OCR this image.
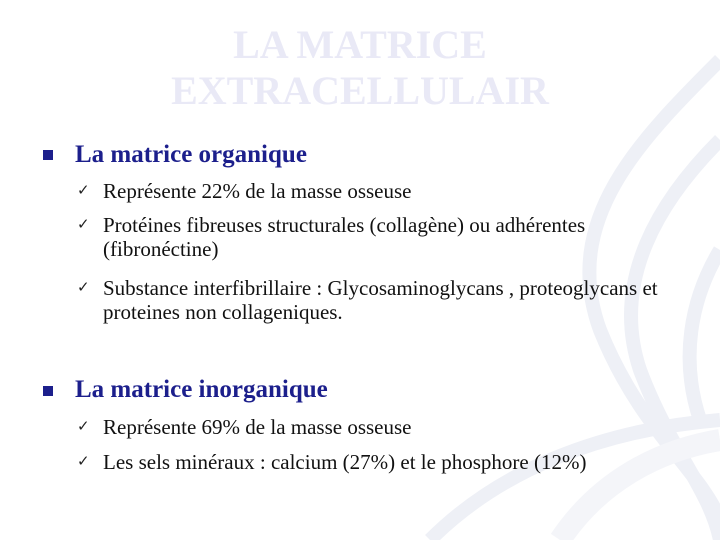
LA MATRICE
EXTRACELLULAIR
La matrice organique
✓ Représente 22% de la masse osseuse
✓ Protéines fibreuses structurales (collagène) ou adhérentes (fibronéctine)
✓ Substance interfibrillaire : Glycosaminoglycans , proteoglycans et proteines non collageniques.
La matrice inorganique
✓ Représente 69% de la masse osseuse
✓ Les sels minéraux : calcium (27%) et le phosphore (12%)
